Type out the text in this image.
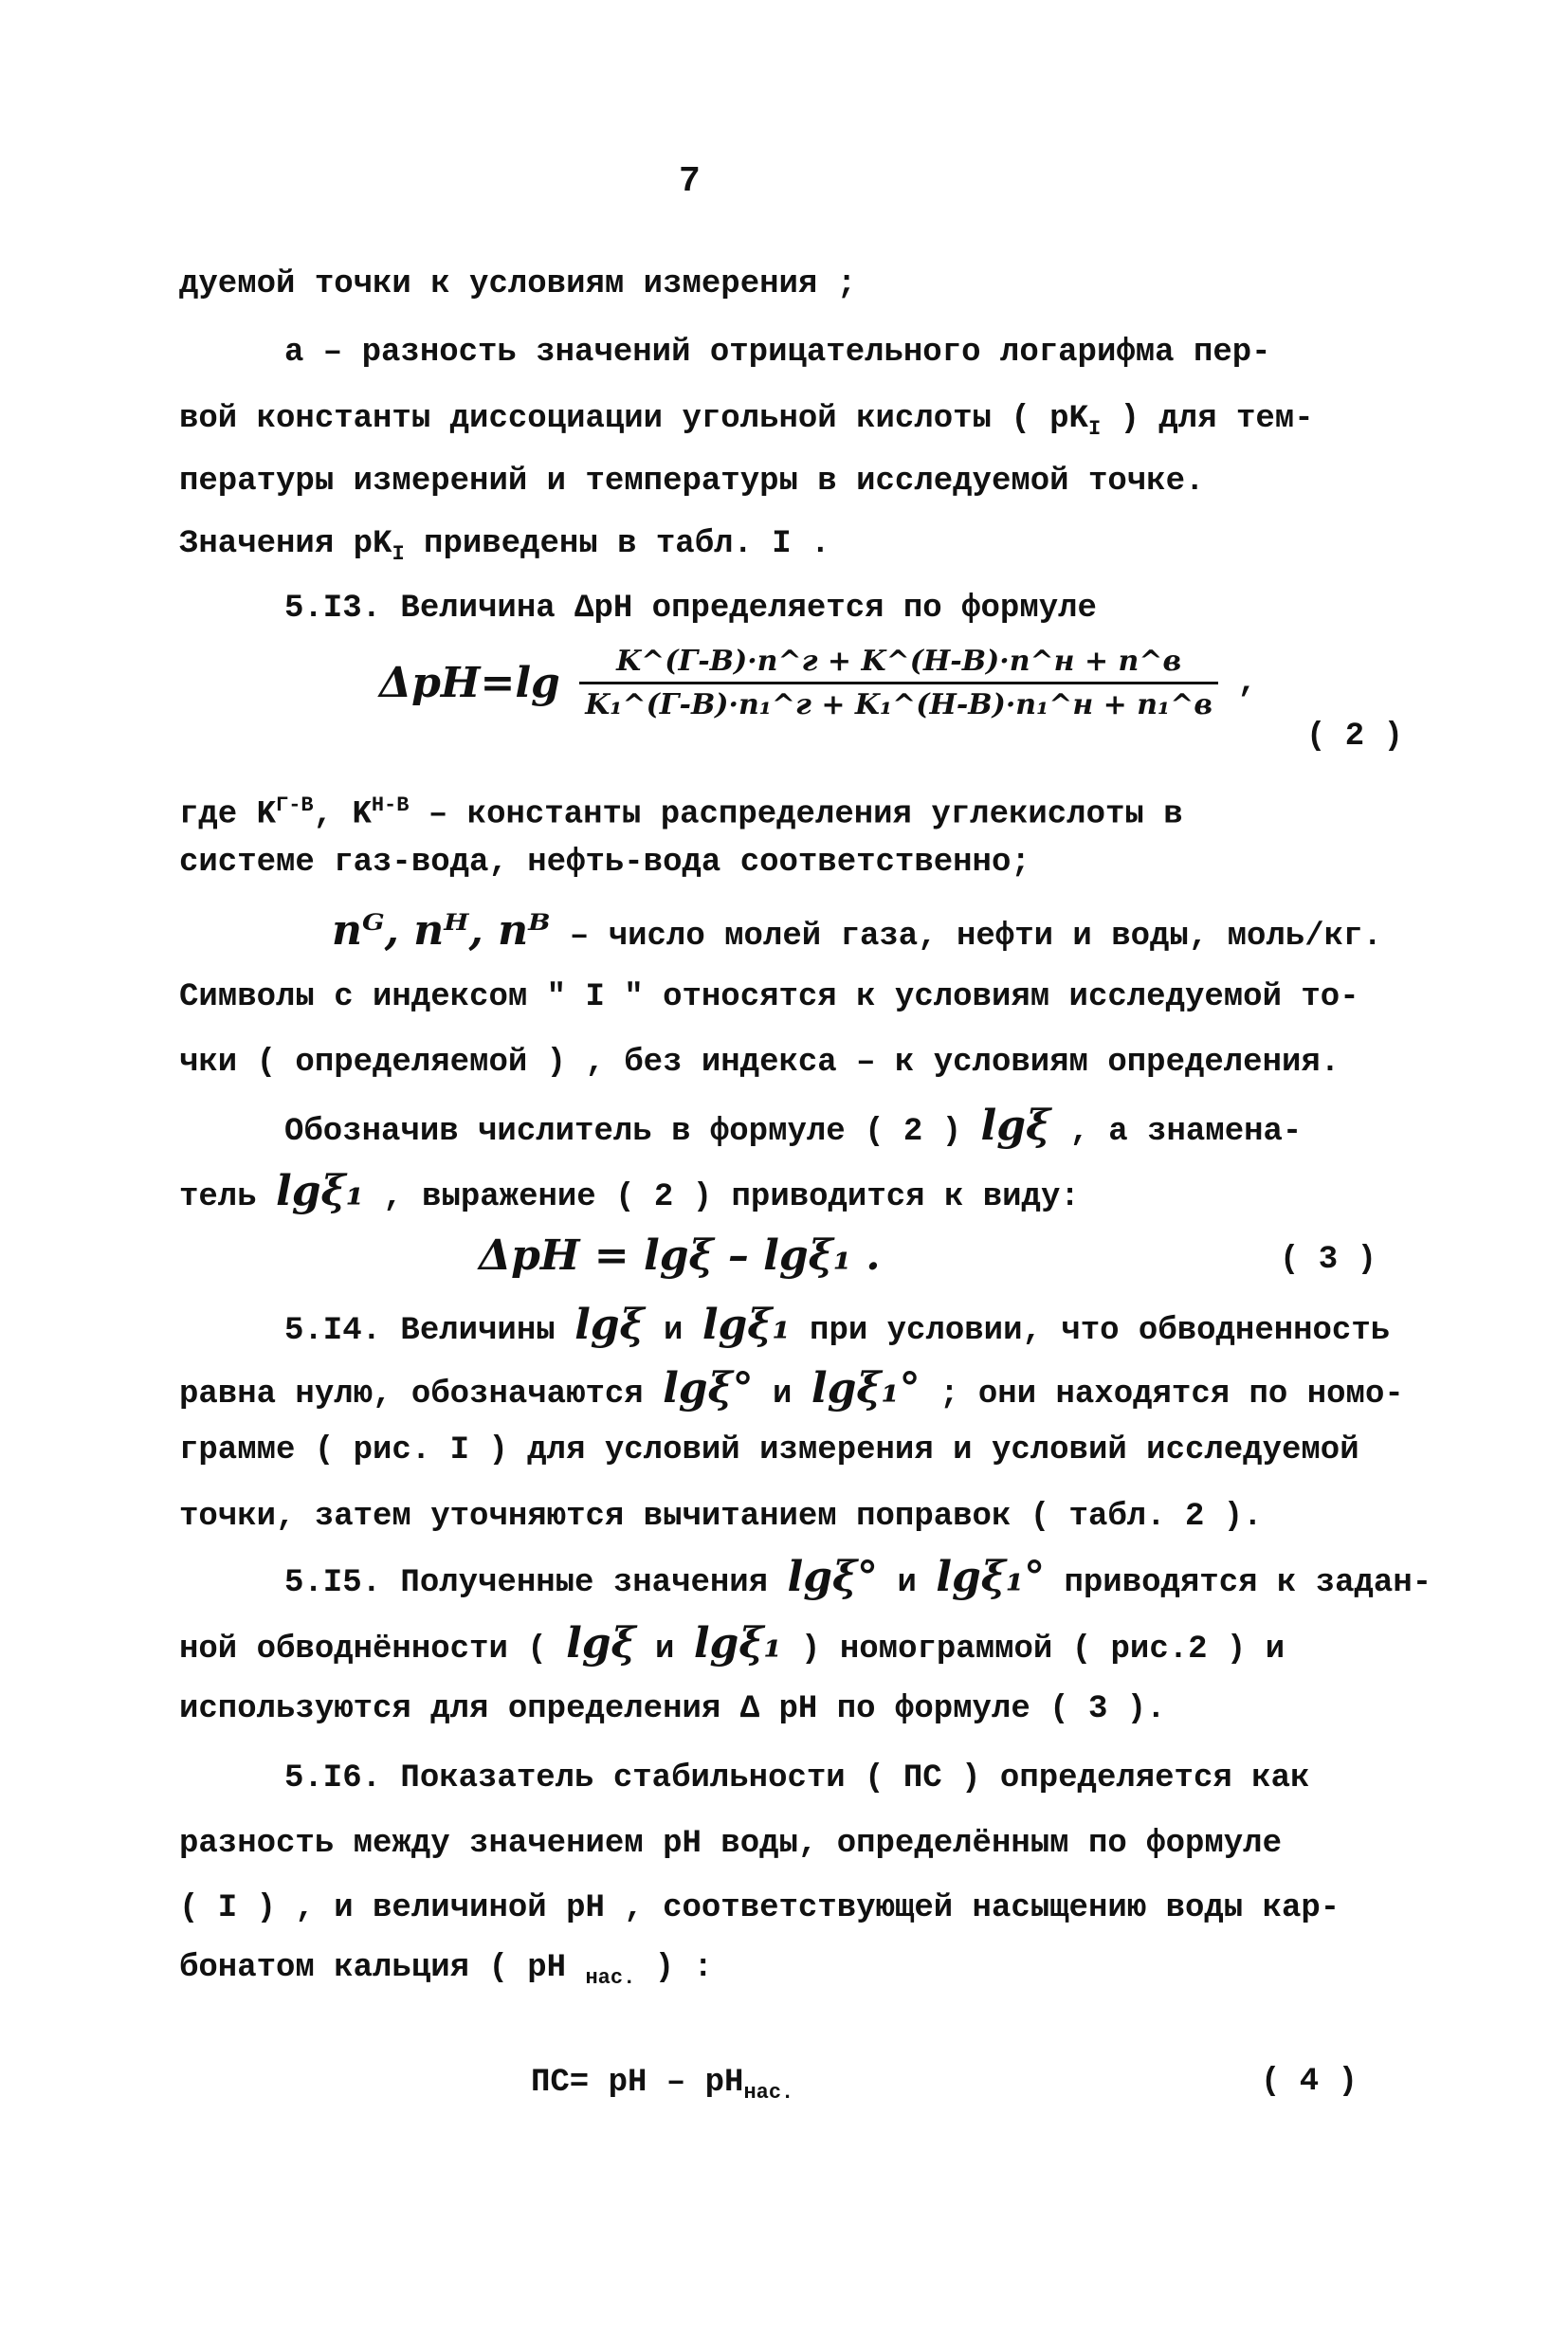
7
дуемой точки к условиям измерения ;
а – разность значений отрицательного логарифма пер-
вой константы диссоциации угольной кислоты ( $pK_I$ ) для тем-
пературы измерений и температуры в исследуемой точке.
Значения $pK_I$ приведены в табл. I .
5.I3. Величина ΔpH определяется по формуле
$\Delta pH=\lg \frac{K\^{}(Г-В)\cdot n\^{}г + K\^{}(Н-В)\cdot n\^{}н + n\^{}в}{\text{K₁\textasciicircum{}(Г-В)·n₁\textasciicircum{}г + K₁\textasciicircum{}(Н-В)·n₁\textasciicircum{}н + n₁\textasciicircum{}в}}$ ,
( 2 )
где $K^{Г-В}$, $K^{Н-В}$ – константы распределения углекислоты в
системе газ-вода, нефть-вода соответственно;
nᴳ, nᴴ, nᴮ – число молей газа, нефти и воды, моль/кг.
Символы с индексом " I " относятся к условиям исследуемой то-
чки ( определяемой ) , без индекса – к условиям определения.
Обозначив числитель в формуле ( 2 ) lgξ , а знамена-
тель lgξ₁ , выражение ( 2 ) приводится к виду:
ΔpH = lgξ – lgξ₁ .	( 3 )
5.I4. Величины lgξ и lgξ₁ при условии, что обводненность
равна нулю, обозначаются lgξ° и lgξ₁° ; они находятся по номо-
грамме ( рис. I ) для условий измерения и условий исследуемой
точки, затем уточняются вычитанием поправок ( табл. 2 ).
5.I5. Полученные значения lgξ° и lgξ₁° приводятся к задан-
ной обводнённости ( lgξ и lgξ₁ ) номограммой ( рис.2 ) и
используются для определения Δ pH по формуле ( 3 ).
5.I6. Показатель стабильности ( ПС ) определяется как
разность между значением pH воды, определённым по формуле
( I ) , и величиной pH , соответствующей насыщению воды кар-
бонатом кальция ( pH $_{нас.}$ ) :
ПС= pH – $pH_{нас.}$	( 4 )
